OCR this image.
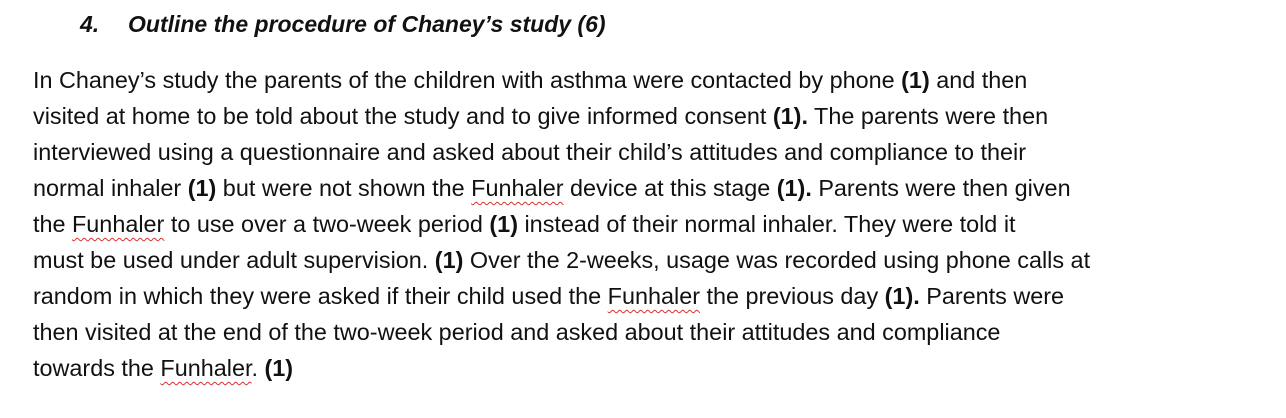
4. Outline the procedure of Chaney’s study (6)
In Chaney’s study the parents of the children with asthma were contacted by phone (1) and then
visited at home to be told about the study and to give informed consent (1). The parents were then
interviewed using a questionnaire and asked about their child’s attitudes and compliance to their
normal inhaler (1) but were not shown the Funhaler device at this stage (1). Parents were then given
the Funhaler to use over a two-week period (1) instead of their normal inhaler. They were told it
must be used under adult supervision. (1) Over the 2-weeks, usage was recorded using phone calls at
random in which they were asked if their child used the Funhaler the previous day (1). Parents were
then visited at the end of the two-week period and asked about their attitudes and compliance
towards the Funhaler. (1)
